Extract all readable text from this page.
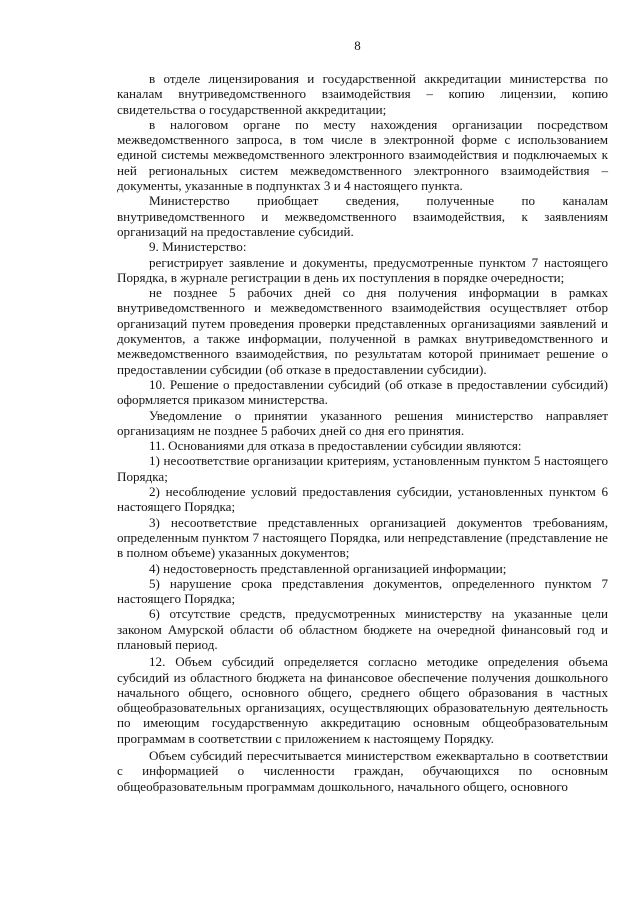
8

в отделе лицензирования и государственной аккредитации министерства по каналам внутриведомственного взаимодействия – копию лицензии, копию свидетельства о государственной аккредитации;

в налоговом органе по месту нахождения организации посредством межведомственного запроса, в том числе в электронной форме с использованием единой системы межведомственного электронного взаимодействия и подключаемых к ней региональных систем межведомственного электронного взаимодействия – документы, указанные в подпунктах 3 и 4 настоящего пункта.

Министерство приобщает сведения, полученные по каналам внутриведомственного и межведомственного взаимодействия, к заявлениям организаций на предоставление субсидий.

9. Министерство:

регистрирует заявление и документы, предусмотренные пунктом 7 настоящего Порядка, в журнале регистрации в день их поступления в порядке очередности;

не позднее 5 рабочих дней со дня получения информации в рамках внутриведомственного и межведомственного взаимодействия осуществляет отбор организаций путем проведения проверки представленных организациями заявлений и документов, а также информации, полученной в рамках внутриведомственного и межведомственного взаимодействия, по результатам которой принимает решение о предоставлении субсидии (об отказе в предоставлении субсидии).

10. Решение о предоставлении субсидий (об отказе в предоставлении субсидий) оформляется приказом министерства.

Уведомление о принятии указанного решения министерство направляет организациям не позднее 5 рабочих дней со дня его принятия.

11. Основаниями для отказа в предоставлении субсидии являются:

1) несоответствие организации критериям, установленным пунктом 5 настоящего Порядка;

2) несоблюдение условий предоставления субсидии, установленных пунктом 6 настоящего Порядка;

3) несоответствие представленных организацией документов требованиям, определенным пунктом 7 настоящего Порядка, или непредставление (представление не в полном объеме) указанных документов;

4) недостоверность представленной организацией информации;

5) нарушение срока представления документов, определенного пунктом 7 настоящего Порядка;

6) отсутствие средств, предусмотренных министерству на указанные цели законом Амурской области об областном бюджете на очередной финансовый год и плановый период.

12. Объем субсидий определяется согласно методике определения объема субсидий из областного бюджета на финансовое обеспечение получения дошкольного начального общего, основного общего, среднего общего образования в частных общеобразовательных организациях, осуществляющих образовательную деятельность по имеющим государственную аккредитацию основным общеобразовательным программам в соответствии с приложением к настоящему Порядку.

Объем субсидий пересчитывается министерством ежеквартально в соответствии с информацией о численности граждан, обучающихся по основным общеобразовательным программам дошкольного, начального общего, основного
